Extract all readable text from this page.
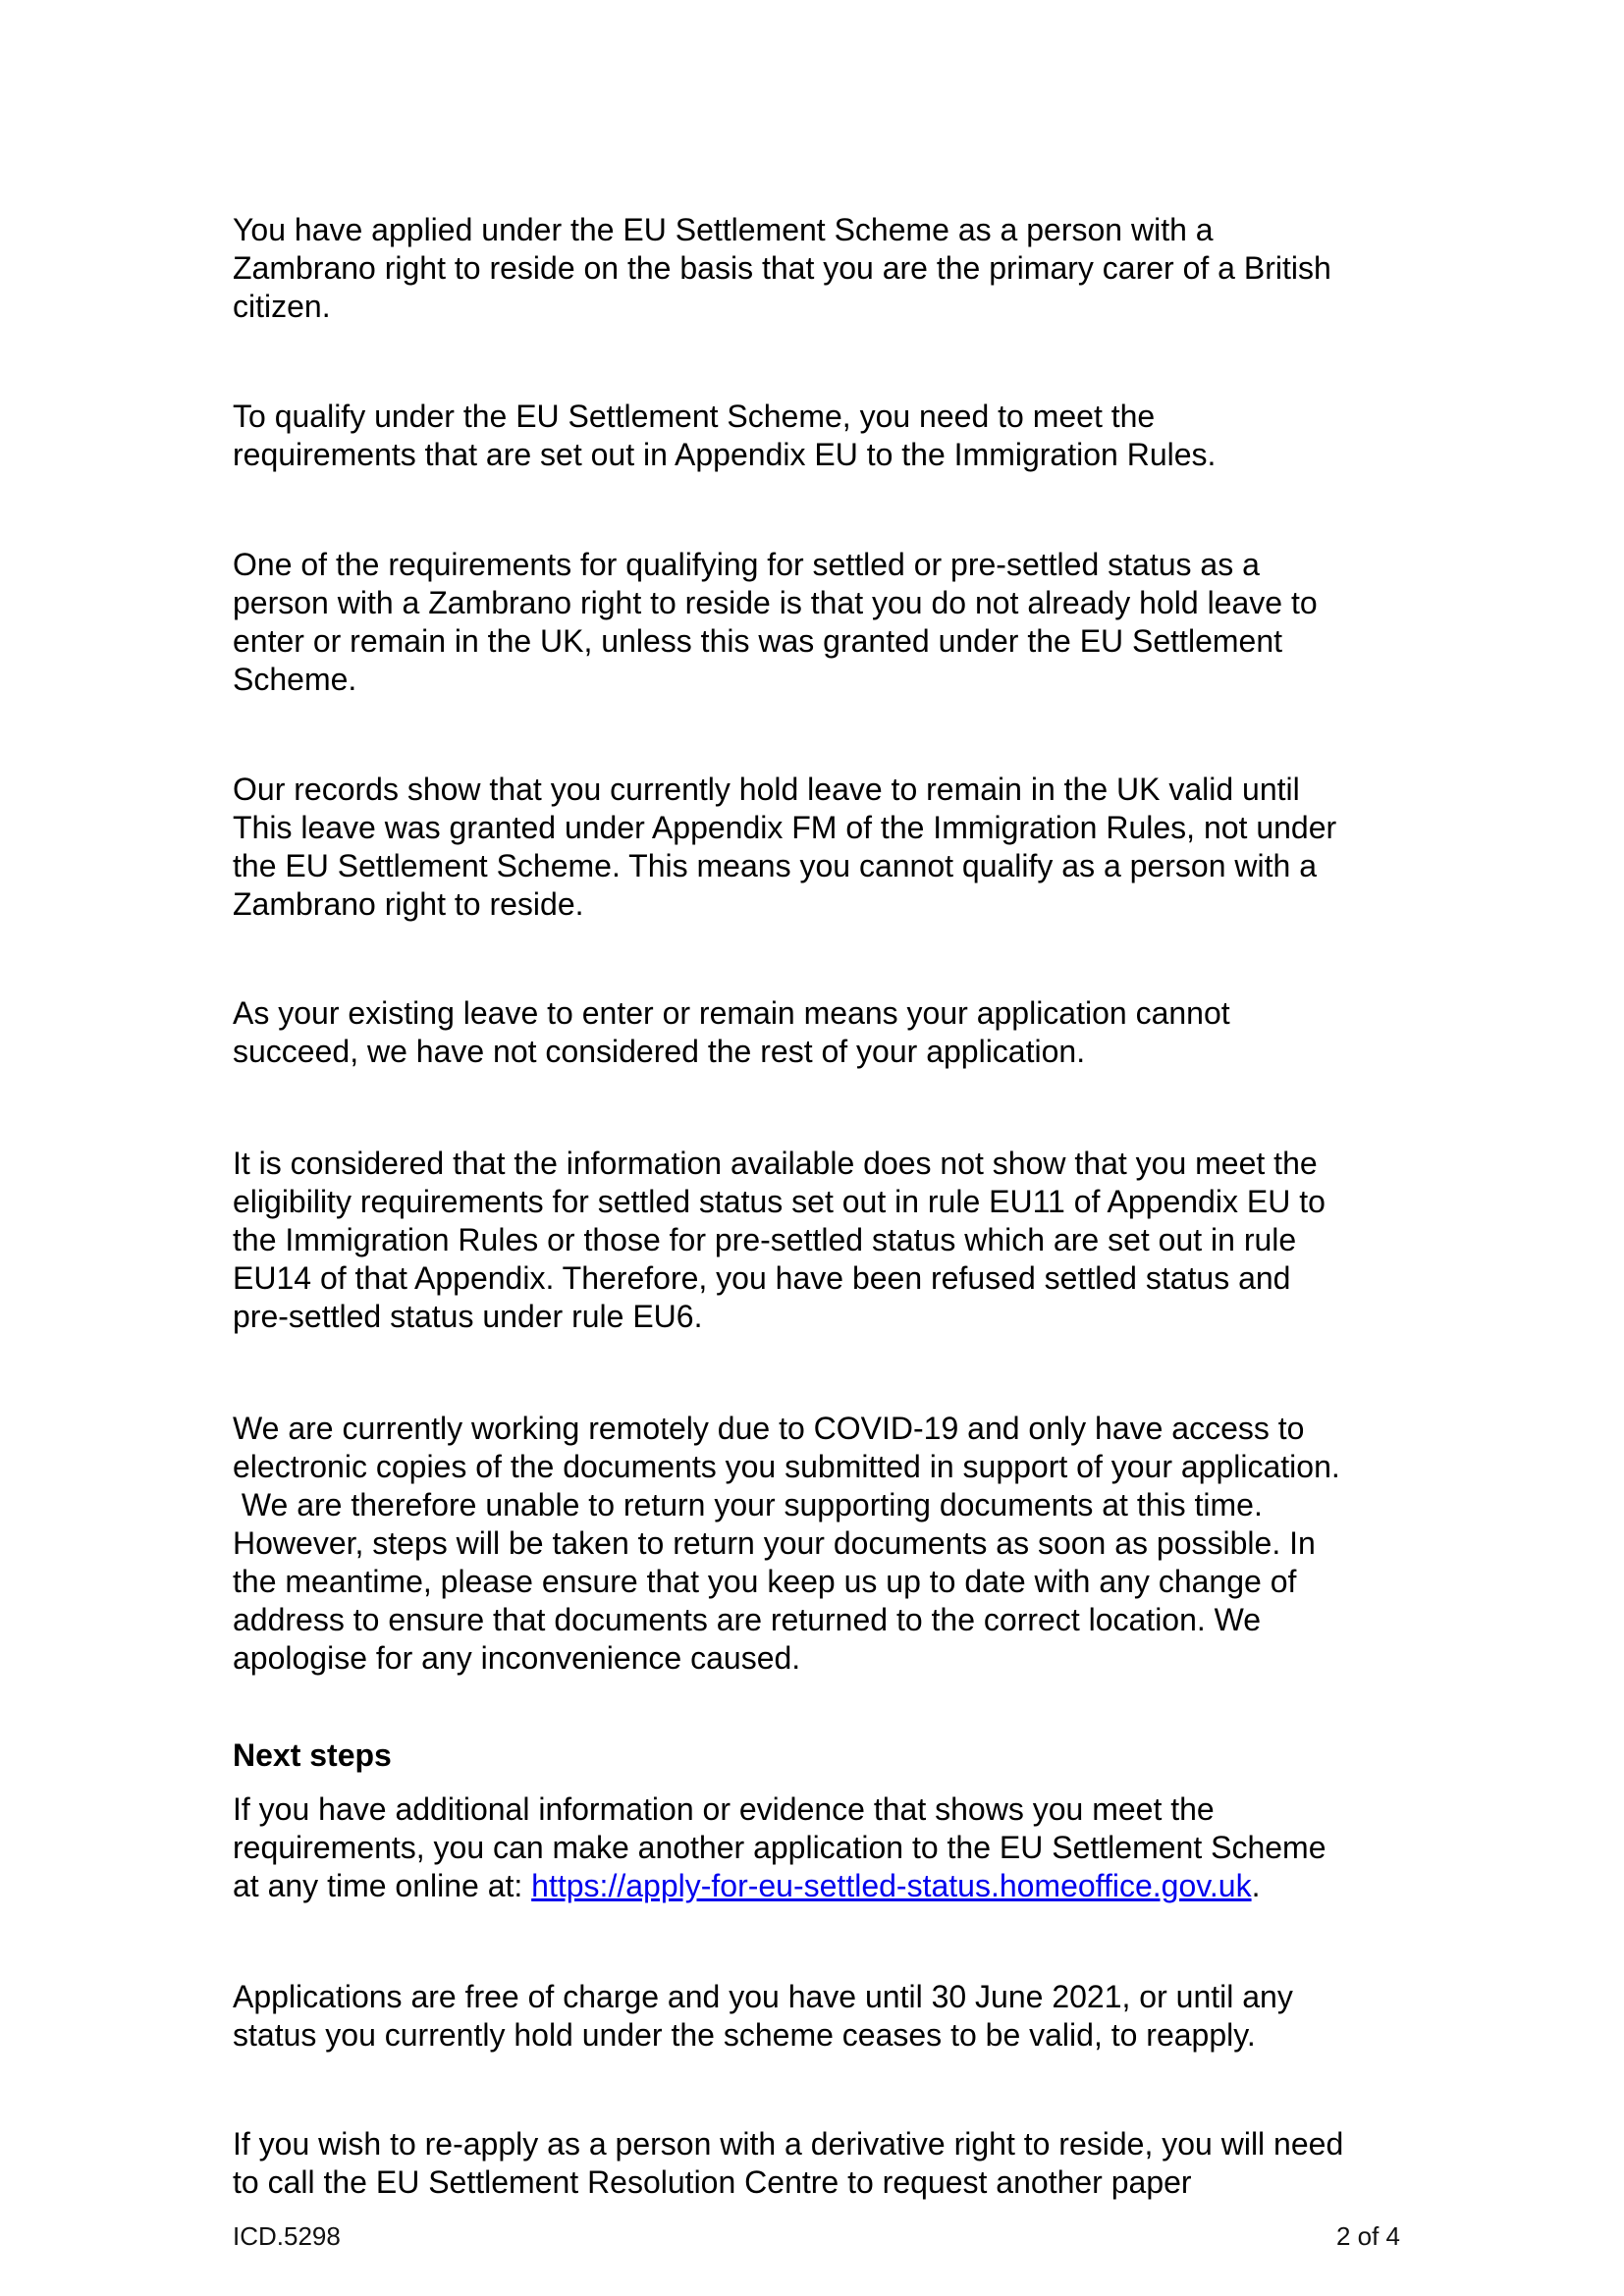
You have applied under the EU Settlement Scheme as a person with a
Zambrano right to reside on the basis that you are the primary carer of a British
citizen.
To qualify under the EU Settlement Scheme, you need to meet the
requirements that are set out in Appendix EU to the Immigration Rules.
One of the requirements for qualifying for settled or pre-settled status as a
person with a Zambrano right to reside is that you do not already hold leave to
enter or remain in the UK, unless this was granted under the EU Settlement
Scheme.
Our records show that you currently hold leave to remain in the UK valid until
This leave was granted under Appendix FM of the Immigration Rules, not under
the EU Settlement Scheme. This means you cannot qualify as a person with a
Zambrano right to reside.
As your existing leave to enter or remain means your application cannot
succeed, we have not considered the rest of your application.
It is considered that the information available does not show that you meet the
eligibility requirements for settled status set out in rule EU11 of Appendix EU to
the Immigration Rules or those for pre-settled status which are set out in rule
EU14 of that Appendix. Therefore, you have been refused settled status and
pre-settled status under rule EU6.
We are currently working remotely due to COVID-19 and only have access to
electronic copies of the documents you submitted in support of your application.
We are therefore unable to return your supporting documents at this time.
However, steps will be taken to return your documents as soon as possible. In
the meantime, please ensure that you keep us up to date with any change of
address to ensure that documents are returned to the correct location. We
apologise for any inconvenience caused.
Next steps
If you have additional information or evidence that shows you meet the
requirements, you can make another application to the EU Settlement Scheme
at any time online at: https://apply-for-eu-settled-status.homeoffice.gov.uk.
Applications are free of charge and you have until 30 June 2021, or until any
status you currently hold under the scheme ceases to be valid, to reapply.
If you wish to re-apply as a person with a derivative right to reside, you will need
to call the EU Settlement Resolution Centre to request another paper
ICD.5298	2 of 4
